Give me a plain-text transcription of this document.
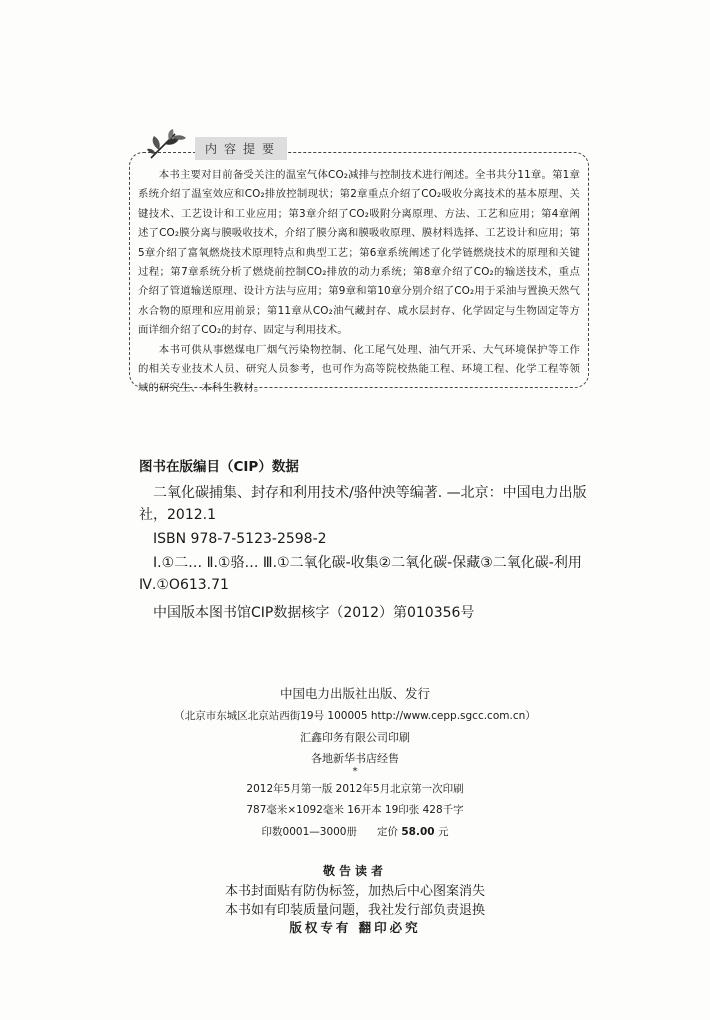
内容提要

本书主要对目前备受关注的温室气体CO₂减排与控制技术进行阐述。全书共分11章。第1章系统介绍了温室效应和CO₂排放控制现状；第2章重点介绍了CO₂吸收分离技术的基本原理、关键技术、工艺设计和工业应用；第3章介绍了CO₂吸附分离原理、方法、工艺和应用；第4章阐述了CO₂膜分离与膜吸收技术，介绍了膜分离和膜吸收原理、膜材料选择、工艺设计和应用；第5章介绍了富氧燃烧技术原理特点和典型工艺；第6章系统阐述了化学链燃烧技术的原理和关键过程；第7章系统分析了燃烧前控制CO₂排放的动力系统；第8章介绍了CO₂的输送技术，重点介绍了管道输送原理、设计方法与应用；第9章和第10章分别介绍了CO₂用于采油与置换天然气水合物的原理和应用前景；第11章从CO₂油气藏封存、咸水层封存、化学固定与生物固定等方面详细介绍了CO₂的封存、固定与利用技术。

本书可供从事燃煤电厂烟气污染物控制、化工尾气处理、油气开采、大气环境保护等工作的相关专业技术人员、研究人员参考，也可作为高等院校热能工程、环境工程、化学工程等领域的研究生、本科生教材。

图书在版编目（CIP）数据
二氧化碳捕集、封存和利用技术/骆仲泱等编著. —北京：中国电力出版社，2012.1
ISBN 978-7-5123-2598-2
Ⅰ.①二… Ⅱ.①骆… Ⅲ.①二氧化碳-收集②二氧化碳-保藏③二氧化碳-利用 Ⅳ.①O613.71
中国版本图书馆CIP数据核字（2012）第010356号
中国电力出版社出版、发行
（北京市东城区北京站西街19号 100005 http://www.cepp.sgcc.com.cn）
汇鑫印务有限公司印刷
各地新华书店经售
*
2012年5月第一版 2012年5月北京第一次印刷
787毫米×1092毫米 16开本 19印张 428千字
印数0001—3000册 定价 58.00 元
敬告读者
本书封面贴有防伪标签，加热后中心图案消失
本书如有印装质量问题，我社发行部负责退换
版权专有 翻印必究
